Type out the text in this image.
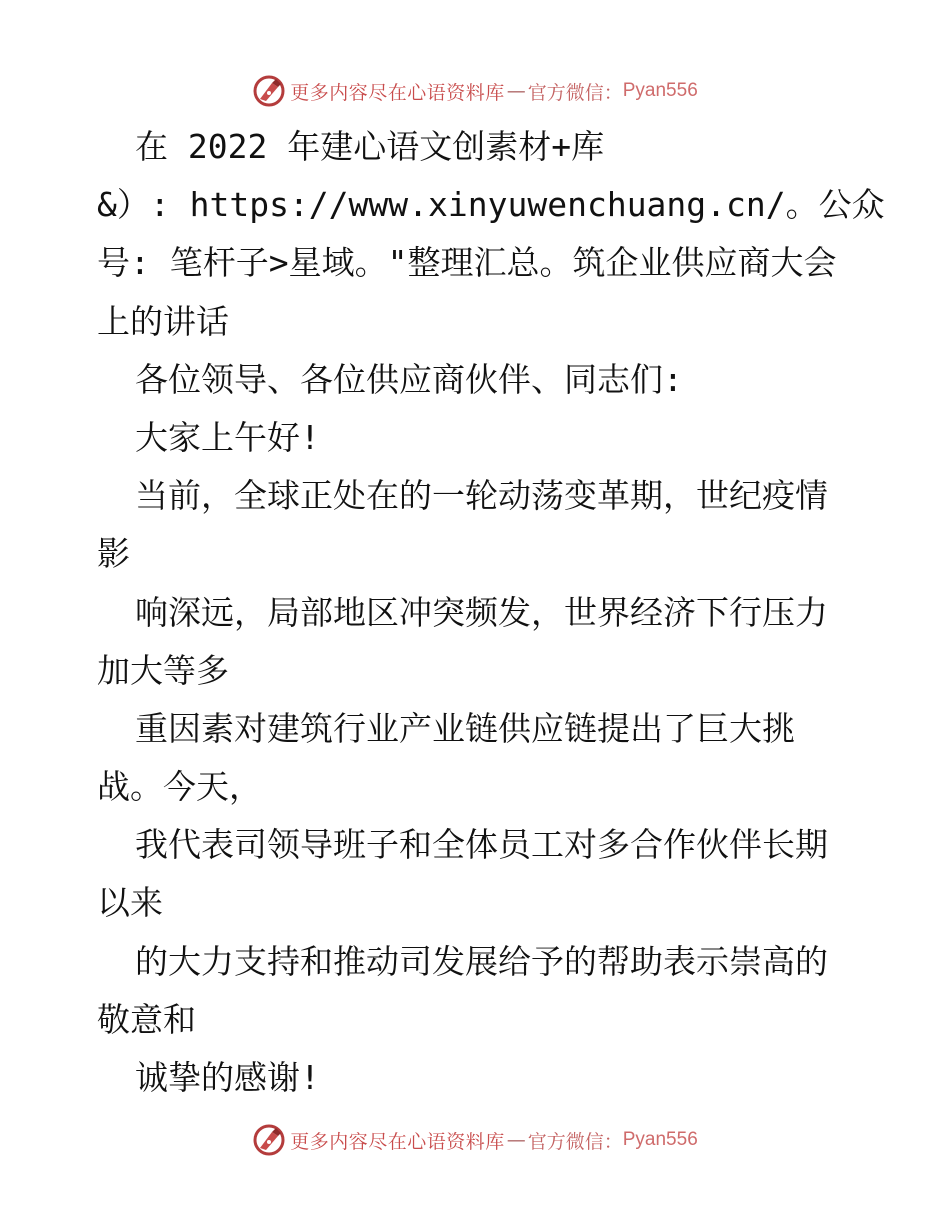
更多内容尽在心语资料库 — 官方微信： Pyan556
在 2022 年建心语文创素材+库
&）: https://www.xinyuwenchuang.cn/。公众
号: 笔杆子>星域。"整理汇总。筑企业供应商大会
上的讲话
各位领导、各位供应商伙伴、同志们:
大家上午好!
当前，全球正处在的一轮动荡变革期，世纪疫情
影
响深远，局部地区冲突频发，世界经济下行压力
加大等多
重因素对建筑行业产业链供应链提出了巨大挑
战。今天，
我代表司领导班子和全体员工对多合作伙伴长期
以来
的大力支持和推动司发展给予的帮助表示崇高的
敬意和
诚挚的感谢!
更多内容尽在心语资料库 — 官方微信： Pyan556
